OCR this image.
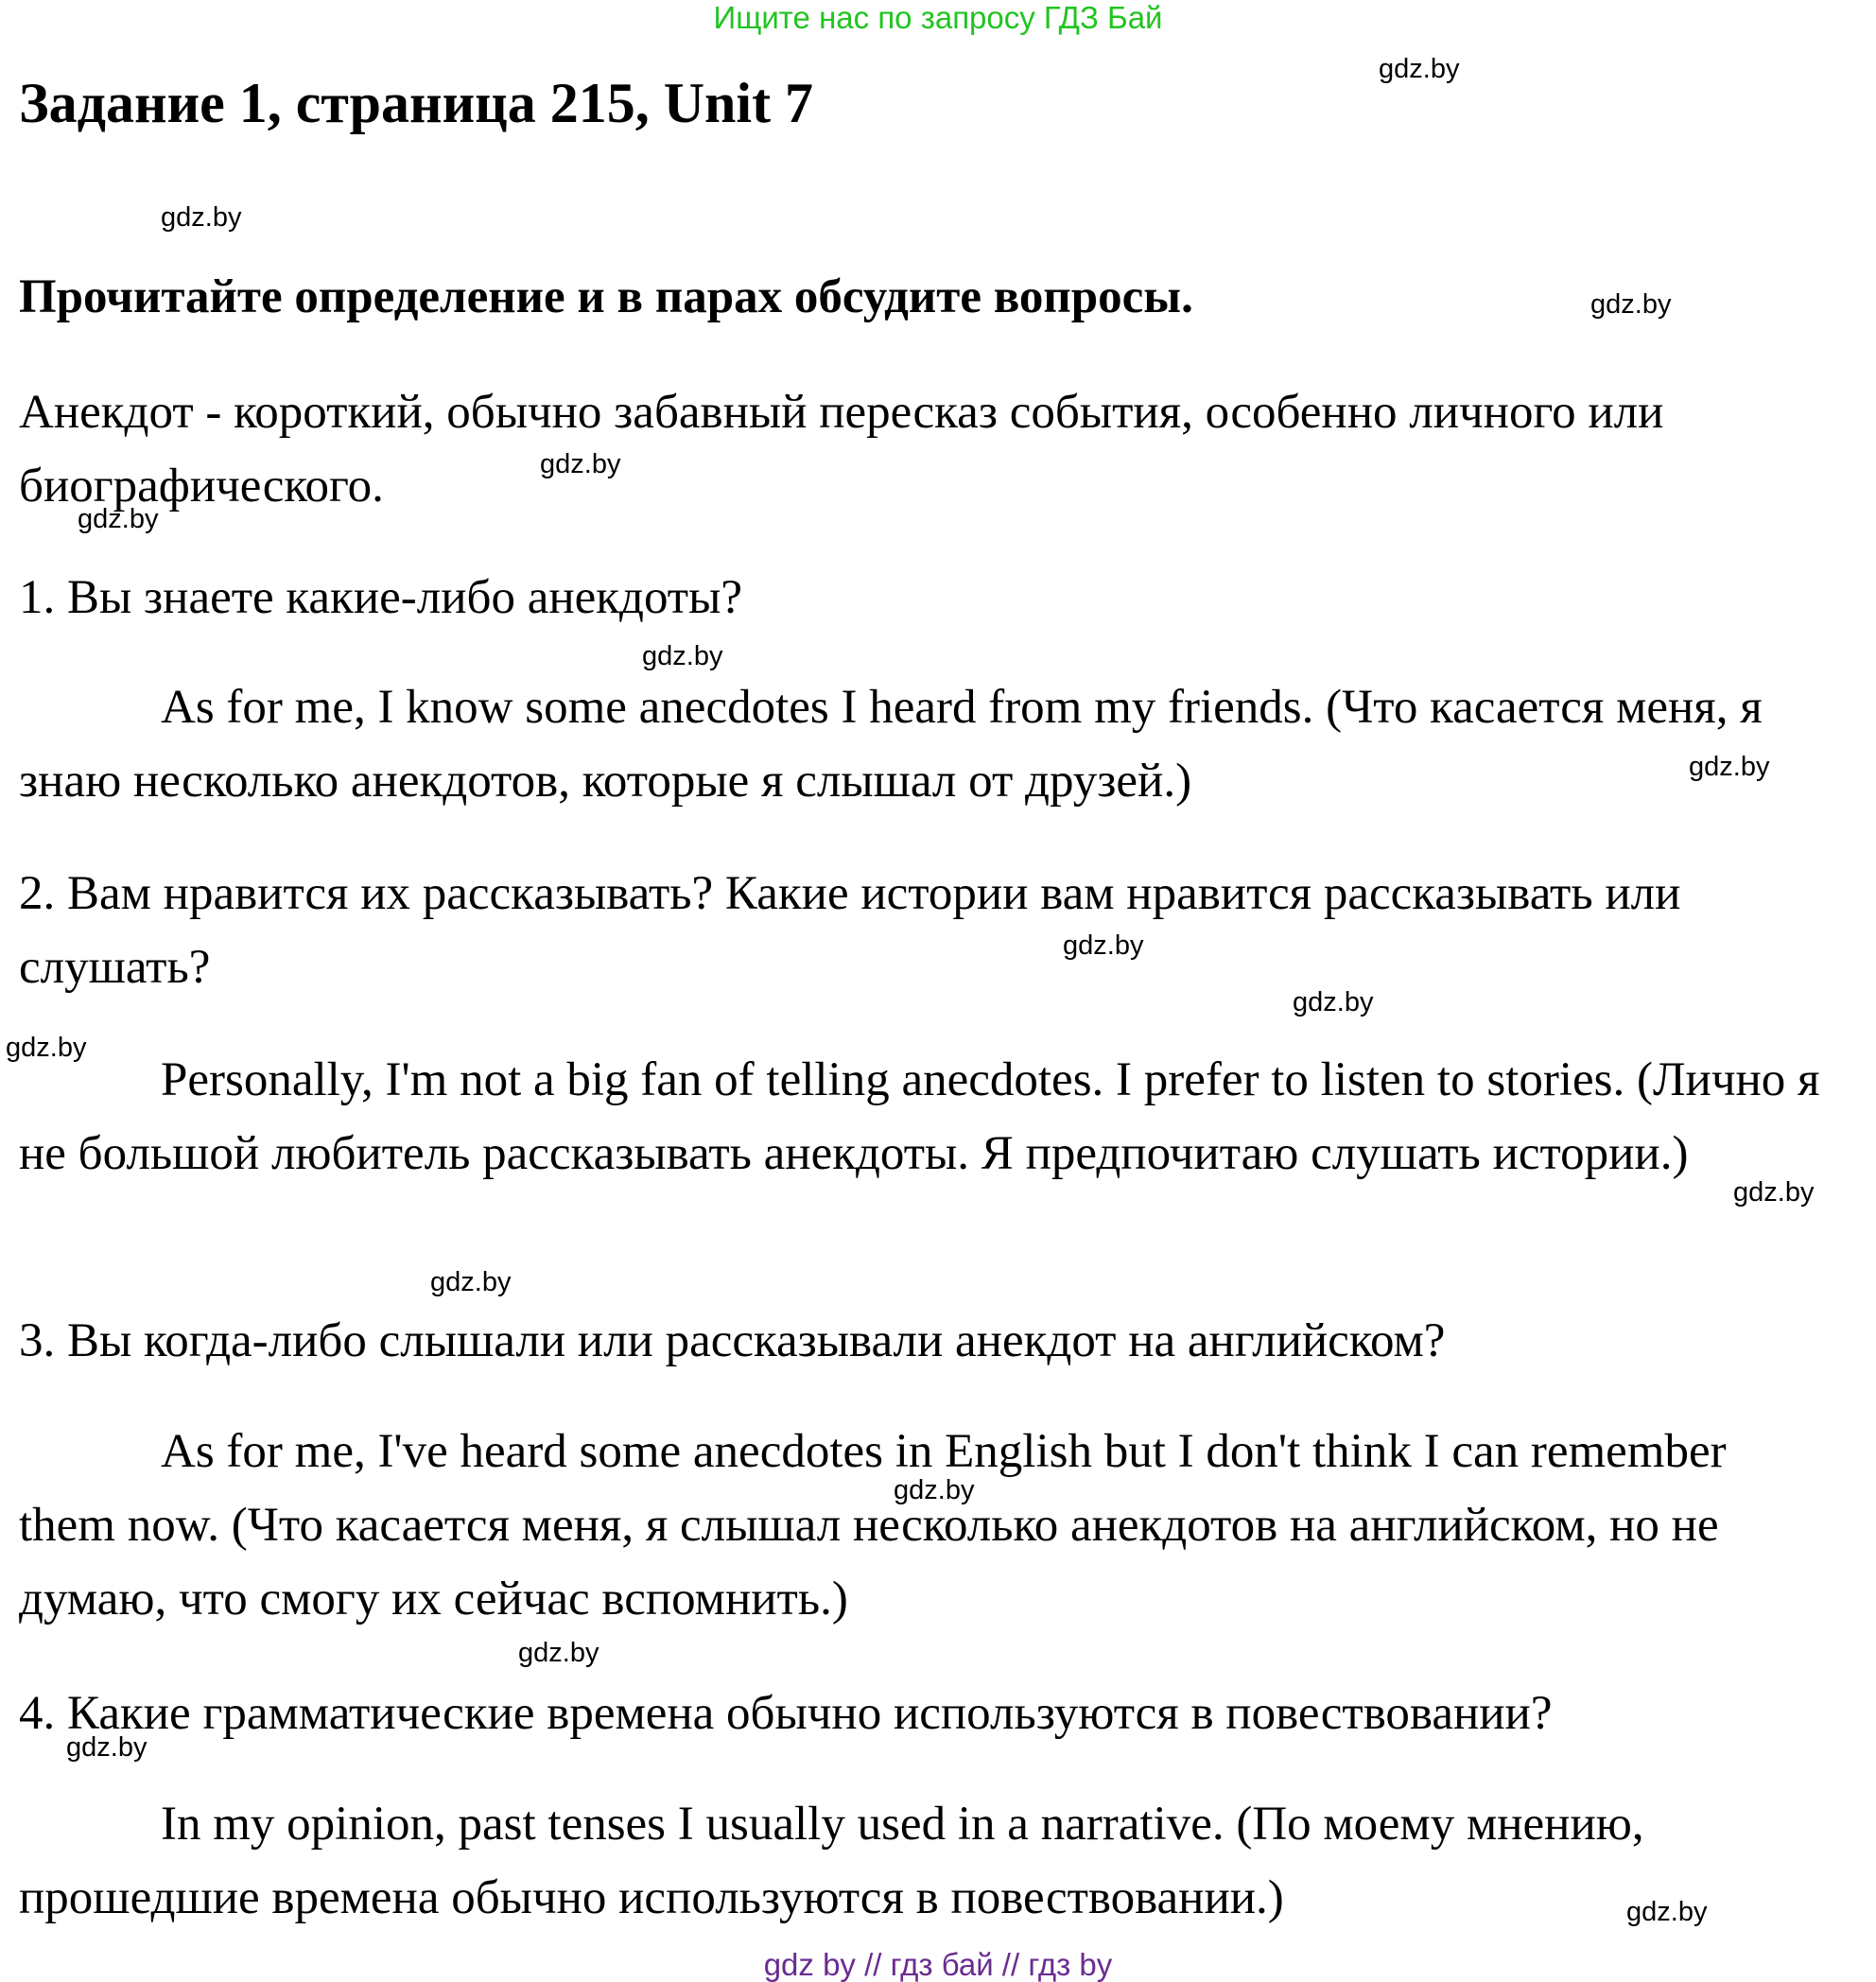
Ищите нас по запросу ГДЗ Бай
Задание 1, страница 215, Unit 7

Прочитайте определение и в парах обсудите вопросы.

Анекдот - короткий, обычно забавный пересказ события, особенно личного или биографического.

1. Вы знаете какие-либо анекдоты?

As for me, I know some anecdotes I heard from my friends. (Что касается меня, я знаю несколько анекдотов, которые я слышал от друзей.)

2. Вам нравится их рассказывать? Какие истории вам нравится рассказывать или слушать?

Personally, I'm not a big fan of telling anecdotes. I prefer to listen to stories. (Лично я не большой любитель рассказывать анекдоты. Я предпочитаю слушать истории.)

3. Вы когда-либо слышали или рассказывали анекдот на английском?

As for me, I've heard some anecdotes in English but I don't think I can remember them now. (Что касается меня, я слышал несколько анекдотов на английском, но не думаю, что смогу их сейчас вспомнить.)

4. Какие грамматические времена обычно используются в повествовании?

In my opinion, past tenses I usually used in a narrative. (По моему мнению, прошедшие времена обычно используются в повествовании.)

gdz.by
gdz.by
gdz.by
gdz.by
gdz.by
gdz.by
gdz.by
gdz.by
gdz.by
gdz.by
gdz.by
gdz.by
gdz.by
gdz.by
gdz.by
gdz.by
gdz by // гдз бай // гдз by
